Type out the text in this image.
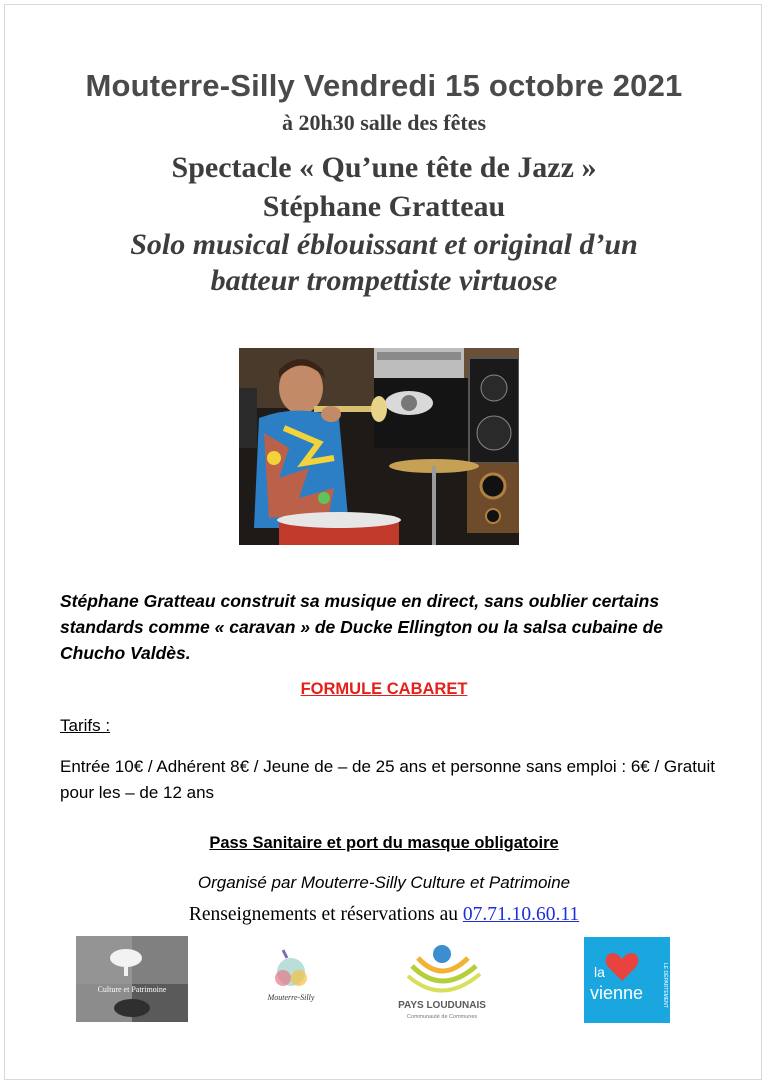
Mouterre-Silly Vendredi 15 octobre 2021
à 20h30 salle des fêtes
Spectacle « Qu’une tête de Jazz »
Stéphane Gratteau
Solo musical éblouissant et original d’un
batteur trompettiste virtuose
Stéphane Gratteau construit sa musique en direct, sans oublier certains standards comme « caravan » de Ducke Ellington ou la salsa cubaine de Chucho Valdès.
FORMULE CABARET
Tarifs :
Entrée 10€ / Adhérent 8€ / Jeune de – de 25 ans et personne sans emploi : 6€ / Gratuit pour les – de 12 ans
Pass Sanitaire et port du masque obligatoire
Organisé par Mouterre-Silly Culture et Patrimoine
Renseignements et réservations au 07.71.10.60.11
Culture et Patrimoine
Mouterre-Silly
PAYS LOUDUNAIS
Communauté de Communes
la
vienne	LE DÉPARTEMENT
